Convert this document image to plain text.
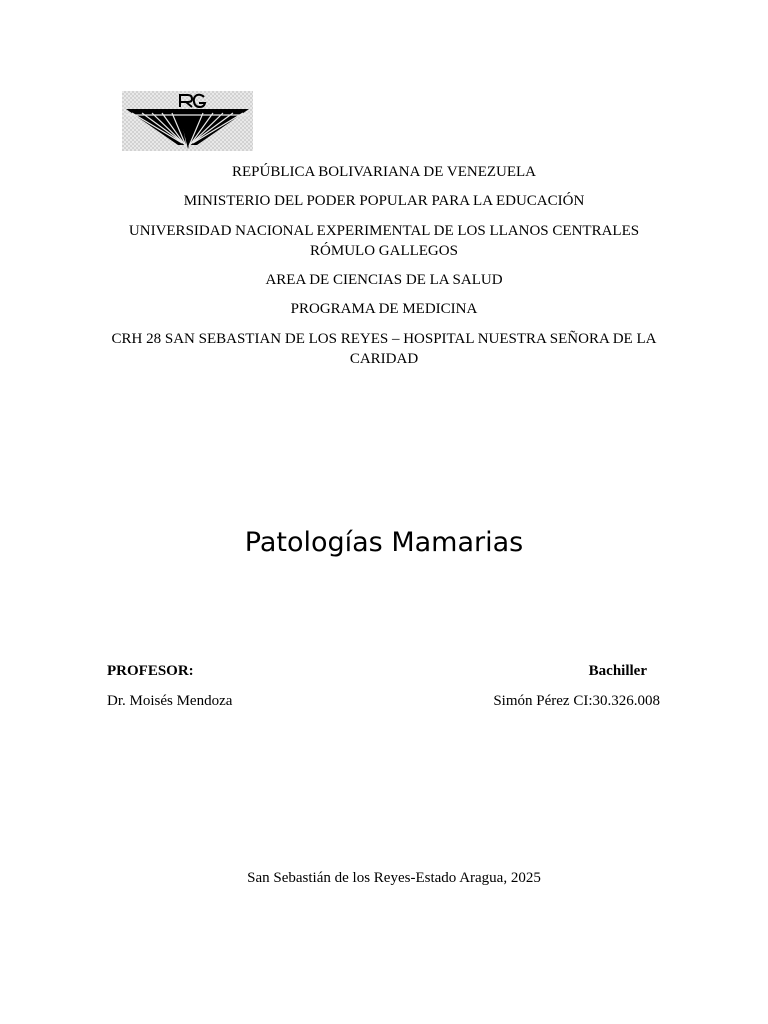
REPÚBLICA BOLIVARIANA DE VENEZUELA
MINISTERIO DEL PODER POPULAR PARA LA EDUCACIÓN
UNIVERSIDAD NACIONAL EXPERIMENTAL DE LOS LLANOS CENTRALES RÓMULO GALLEGOS
AREA DE CIENCIAS DE LA SALUD
PROGRAMA DE MEDICINA
CRH 28 SAN SEBASTIAN DE LOS REYES – HOSPITAL NUESTRA SEÑORA DE LA CARIDAD
Patologías Mamarias
PROFESOR:
Dr. Moisés Mendoza
Bachiller
Simón Pérez CI:30.326.008
San Sebastián de los Reyes-Estado Aragua, 2025
